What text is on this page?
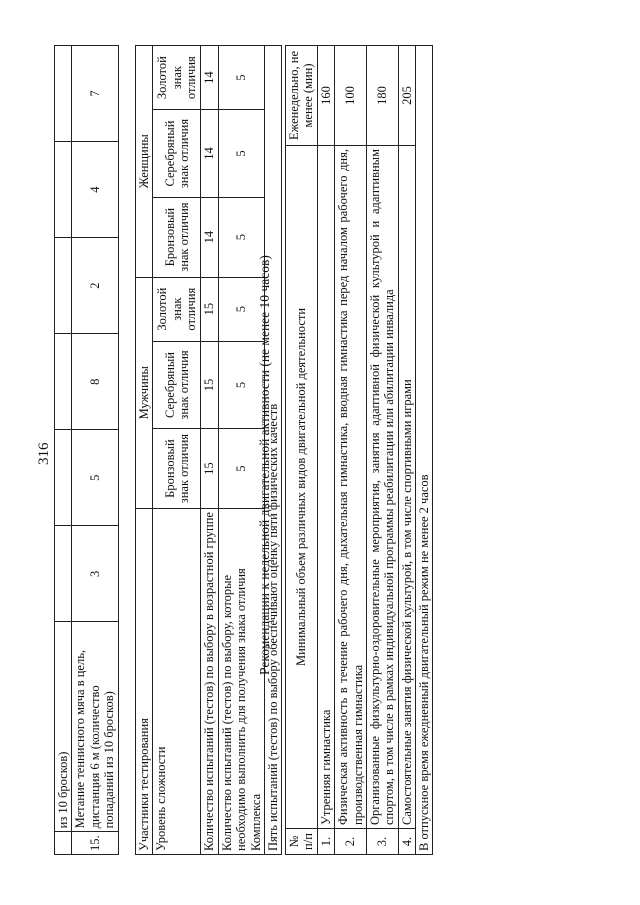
316
	из 10 бросков)						
15.	Метание теннисного мяча в цель, дистанция 6 м (количество попаданий из 10 бросков)	3	5	8	2	4	7
Участники тестирования	Мужчины			Женщины		
Уровень сложности	Бронзовый знак отличия	Серебряный знак отличия	Золотой знак отличия	Бронзовый знак отличия	Серебряный знак отличия	Золотой знак отличия
Количество испытаний (тестов) по выбору в возрастной группе	15	15	15	14	14	14
Количество испытаний (тестов) по выбору, которые необходимо выполнить для получения знака отличия Комплекса	5	5	5	5	5	5
Пять испытаний (тестов) по выбору обеспечивают оценку пяти физических качеств						
Рекомендации к недельной двигательной активности (не менее 10 часов)
№ п/п	Минимальный объем различных видов двигательной деятельности	Еженедельно, не менее (мин)
1.	Утренняя гимнастика	160
2.	Физическая активность в течение рабочего дня, дыхательная гимнастика, вводная гимнастика перед началом рабочего дня, производственная гимнастика	100
3.	Организованные физкультурно-оздоровительные мероприятия, занятия адаптивной физической культурой и адаптивным спортом, в том числе в рамках индивидуальной программы реабилитации или абилитации инвалида	180
4.	Самостоятельные занятия физической культурой, в том числе спортивными играми	205
В отпускное время ежедневный двигательный режим не менее 2 часов		
